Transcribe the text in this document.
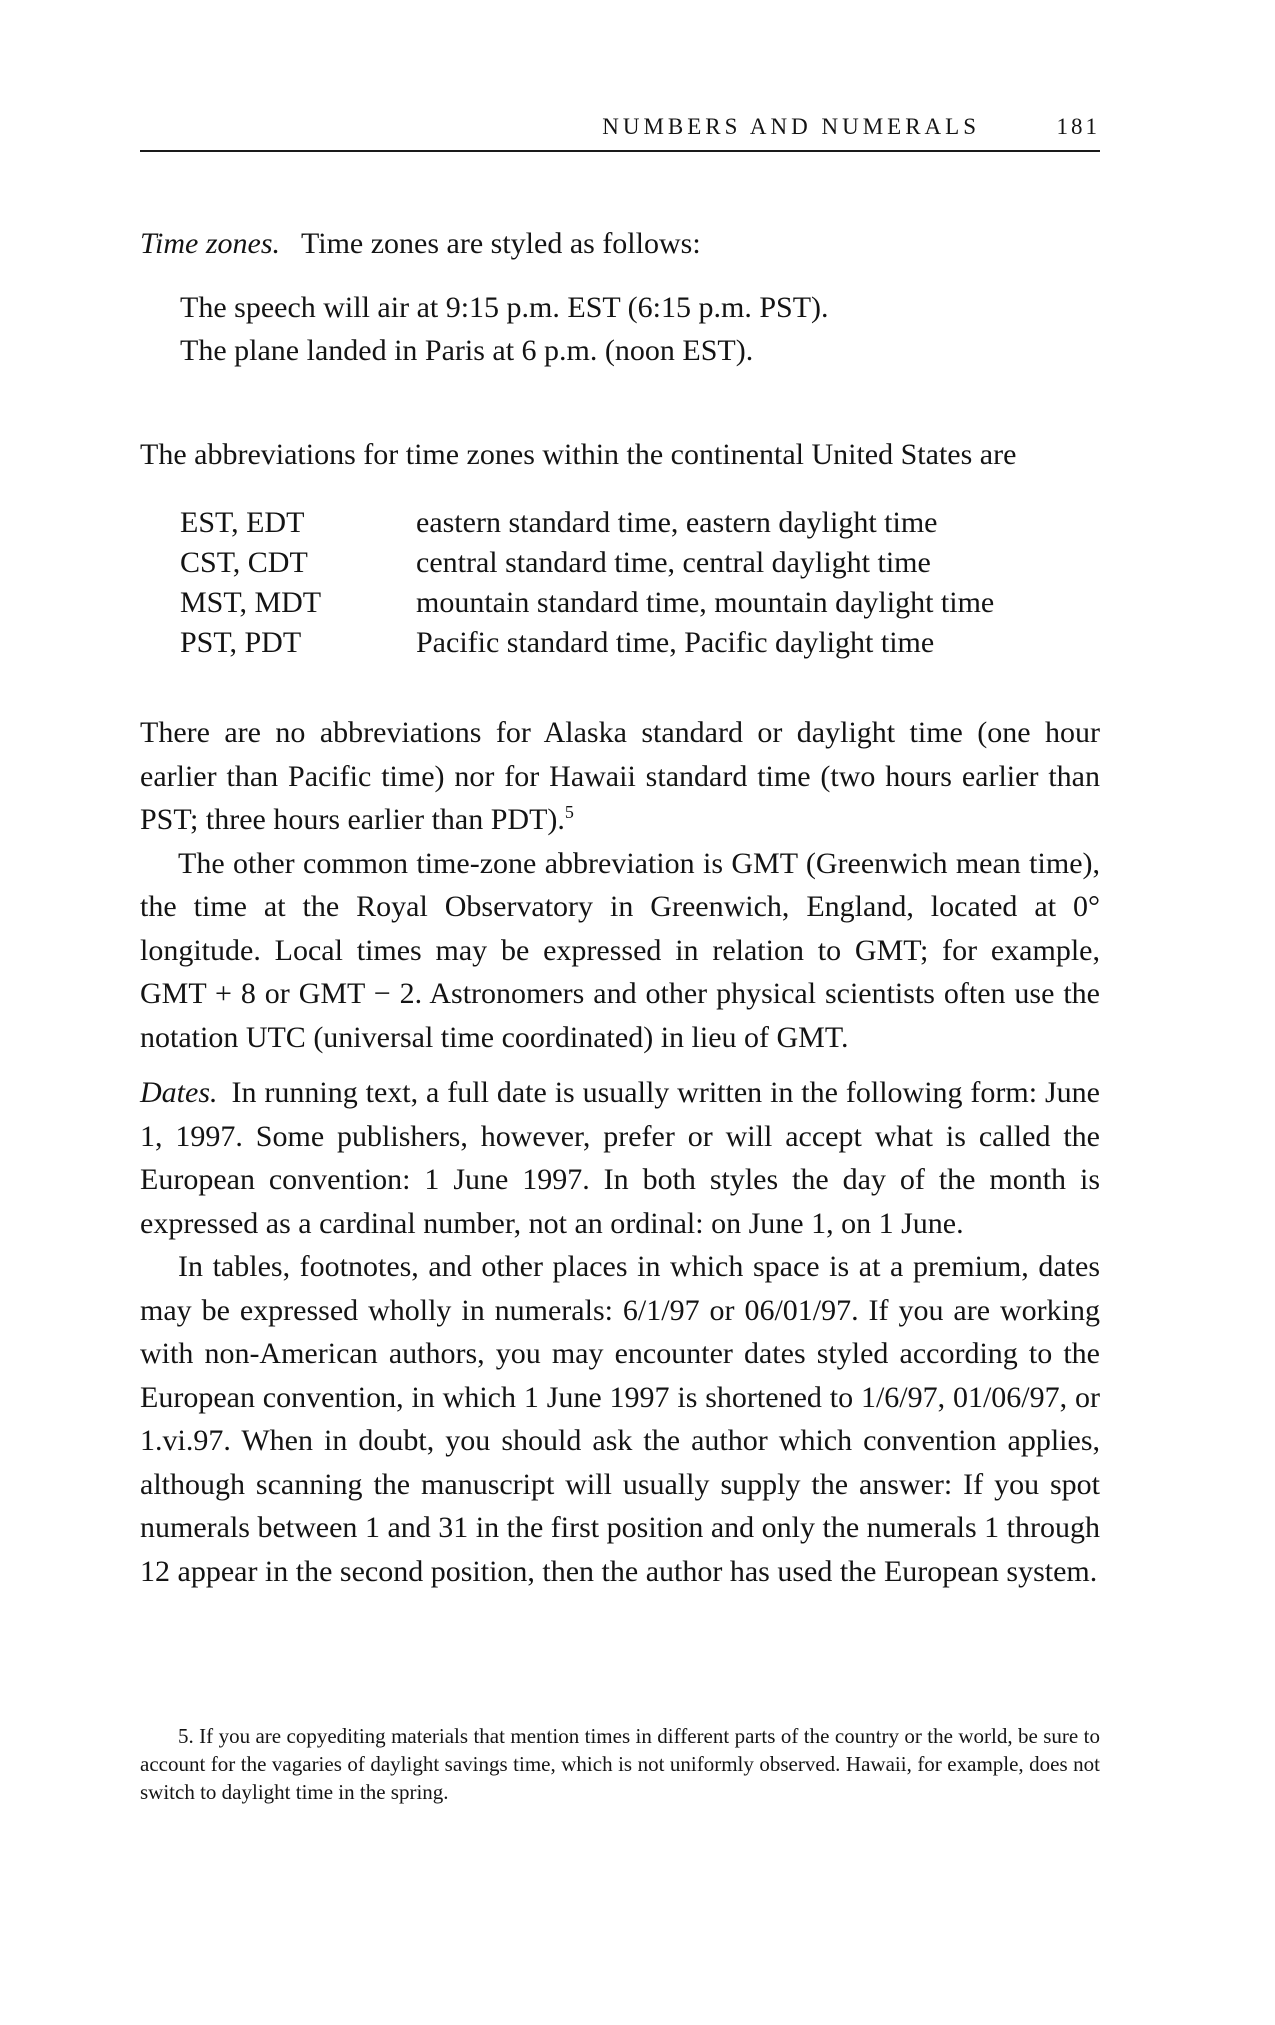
NUMBERS AND NUMERALS	181

Time zones. Time zones are styled as follows:

The speech will air at 9:15 p.m. EST (6:15 p.m. PST).
The plane landed in Paris at 6 p.m. (noon EST).

The abbreviations for time zones within the continental United States are

EST, EDT	eastern standard time, eastern daylight time
CST, CDT	central standard time, central daylight time
MST, MDT	mountain standard time, mountain daylight time
PST, PDT	Pacific standard time, Pacific daylight time

There are no abbreviations for Alaska standard or daylight time (one hour earlier than Pacific time) nor for Hawaii standard time (two hours earlier than PST; three hours earlier than PDT).$^5$

The other common time-zone abbreviation is GMT (Greenwich mean time), the time at the Royal Observatory in Greenwich, England, located at 0° longitude. Local times may be expressed in relation to GMT; for example, GMT + 8 or GMT − 2. Astronomers and other physical scientists often use the notation UTC (universal time coordinated) in lieu of GMT.

Dates. In running text, a full date is usually written in the following form: June 1, 1997. Some publishers, however, prefer or will accept what is called the European convention: 1 June 1997. In both styles the day of the month is expressed as a cardinal number, not an ordinal: on June 1, on 1 June.

In tables, footnotes, and other places in which space is at a premium, dates may be expressed wholly in numerals: 6/1/97 or 06/01/97. If you are working with non-American authors, you may encounter dates styled according to the European convention, in which 1 June 1997 is shortened to 1/6/97, 01/06/97, or 1.vi.97. When in doubt, you should ask the author which convention applies, although scanning the manuscript will usually supply the answer: If you spot numerals between 1 and 31 in the first position and only the numerals 1 through 12 appear in the second position, then the author has used the European system.

5. If you are copyediting materials that mention times in different parts of the country or the world, be sure to account for the vagaries of daylight savings time, which is not uniformly observed. Hawaii, for example, does not switch to daylight time in the spring.
